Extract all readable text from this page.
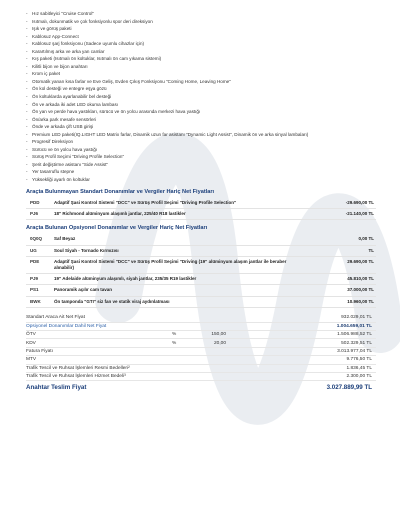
- Hız sabitleyici "Cruise Control"
- Isıtmalı, dokunmatik ve çok fonksiyonlu spor deri direksiyon
- Işık ve görüş paketi
- Kablosuz App-Connect
- Kablosuz şarj fonksiyonu (Sadece uyumlu cihazlar için)
- Karartılmış arka ve arka yan camlar
- Kış paketi (Isıtmalı ön koltuklar, Isıtmalı ön cam yıkama sistemi)
- Kilitli bijon ve bijon anahtarı
- Krom iç paket
- Otomatik yanan kısa farlar ve Eve Geliş, Evden Çıkış Fonksiyonu "Coming Home, Leaving Home"
- Ön kol desteği ve entegre eşya gözü
- Ön koltuklarda ayarlanabilir bel desteği
- Ön ve arkada iki adet LED okuma lambası
- Ön yan ve perde hava yastıkları, sürücü ve ön yolcu arasında merkezi hava yastığı
- Ön/arka park mesafe sensörleri
- Önde ve arkada çift USB girişi
- Premium LED paketi(IQ.LIGHT LED Matrix farlar, Dinamik uzun far asistanı "Dynamic Light Assist", Dinamik ön ve arka sinyal lambaları)
- Progresif Direksiyon
- Sürücü ve ön yolcu hava yastığı
- Sürüş Profil Seçimi "Driving Profile Selection"
- Şerit değiştirme asistanı "Side Assist"
- Yer tasarruflu stepne
- Yüksekliği ayarlı ön koltuklar
Araçta Bulunmayan Standart Donanımlar ve Vergiler Hariç Net Fiyatları
PDD	Adaptif Şasi Kontrol Sistemi "DCC" ve Sürüş Profil Seçimi "Driving Profile Selection"	-29.690,00 TL
PJ6	18" Richmond alüminyum alaşımlı jantlar, 225/40 R18 lastikler	-21.140,00 TL
Araçta Bulunan Opsiyonel Donanımlar ve Vergiler Hariç Net Fiyatları
0Q0Q	Saf Beyaz	0,00 TL
UG	Soul Siyah - Tornado Kırmızısı	TL
PDE	Adaptif Şasi Kontrol Sistemi "DCC" ve Sürüş Profil Seçimi "Driving (19" alüminyum alaşım jantlar ile beraber alınabilir)	29.690,00 TL
PJ9	19" Adelaide alüminyum alaşımlı, siyah jantlar, 235/35 R19 lastikler	45.810,00 TL
PS1	Panoramik açılır cam tavan	37.000,00 TL
BWK	Ön tamponda "GTI" siz fan ve statik viraj aydınlatması	10.960,00 TL
Standart Araca Ait Net Fiyat	932.029,01 TL
Opsiyonel Donanımlar Dahil Net Fiyat	1.004.659,01 TL
ÖTV	%	150,00	1.506.988,52 TL
KDV	%	20,00	502.329,51 TL
Fatura Fiyatı	3.013.977,04 TL
MTV	9.776,50 TL
Trafik Tescil ve Ruhsat İşlemleri Resmi Bedelleri²	1.836,45 TL
Trafik Tescil ve Ruhsat İşlemleri Hizmet Bedeli³	2.300,00 TL
Anahtar Teslim Fiyat	3.027.889,99 TL
